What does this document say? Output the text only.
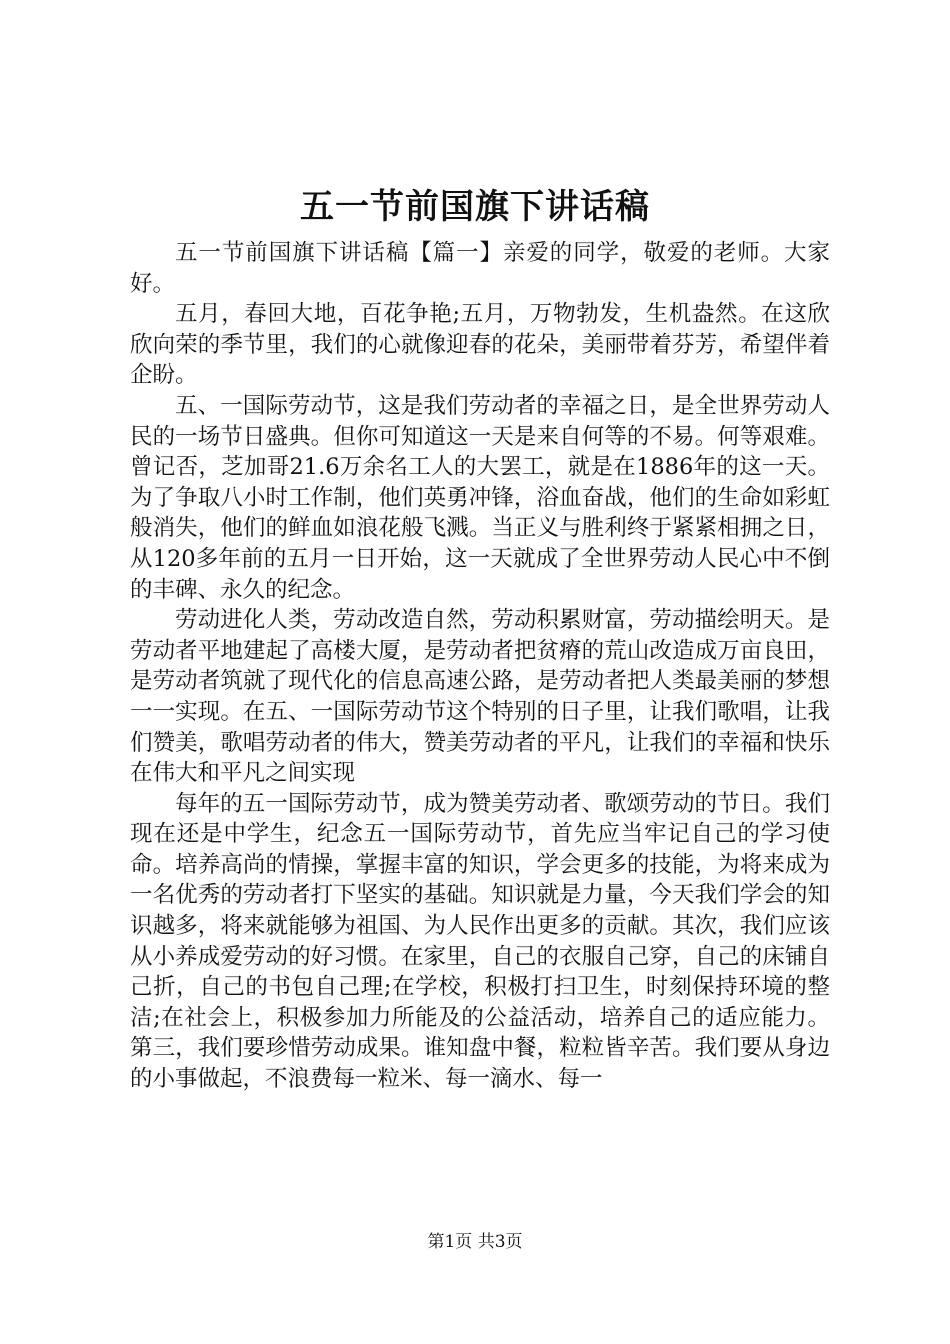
五一节前国旗下讲话稿

五一节前国旗下讲话稿【篇一】亲爱的同学，敬爱的老师。大家好。

五月，春回大地，百花争艳;五月，万物勃发，生机盎然。在这欣欣向荣的季节里，我们的心就像迎春的花朵，美丽带着芬芳，希望伴着企盼。

五、一国际劳动节，这是我们劳动者的幸福之日，是全世界劳动人民的一场节日盛典。但你可知道这一天是来自何等的不易。何等艰难。曾记否，芝加哥21.6万余名工人的大罢工，就是在1886年的这一天。为了争取八小时工作制，他们英勇冲锋，浴血奋战，他们的生命如彩虹般消失，他们的鲜血如浪花般飞溅。当正义与胜利终于紧紧相拥之日，从120多年前的五月一日开始，这一天就成了全世界劳动人民心中不倒的丰碑、永久的纪念。

劳动进化人类，劳动改造自然，劳动积累财富，劳动描绘明天。是劳动者平地建起了高楼大厦，是劳动者把贫瘠的荒山改造成万亩良田，是劳动者筑就了现代化的信息高速公路，是劳动者把人类最美丽的梦想一一实现。在五、一国际劳动节这个特别的日子里，让我们歌唱，让我们赞美，歌唱劳动者的伟大，赞美劳动者的平凡，让我们的幸福和快乐在伟大和平凡之间实现

每年的五一国际劳动节，成为赞美劳动者、歌颂劳动的节日。我们现在还是中学生，纪念五一国际劳动节，首先应当牢记自己的学习使命。培养高尚的情操，掌握丰富的知识，学会更多的技能，为将来成为一名优秀的劳动者打下坚实的基础。知识就是力量，今天我们学会的知识越多，将来就能够为祖国、为人民作出更多的贡献。其次，我们应该从小养成爱劳动的好习惯。在家里，自己的衣服自己穿，自己的床铺自己折，自己的书包自己理;在学校，积极打扫卫生，时刻保持环境的整洁;在社会上，积极参加力所能及的公益活动，培养自己的适应能力。第三，我们要珍惜劳动成果。谁知盘中餐，粒粒皆辛苦。我们要从身边的小事做起，不浪费每一粒米、每一滴水、每一

第1页 共3页
